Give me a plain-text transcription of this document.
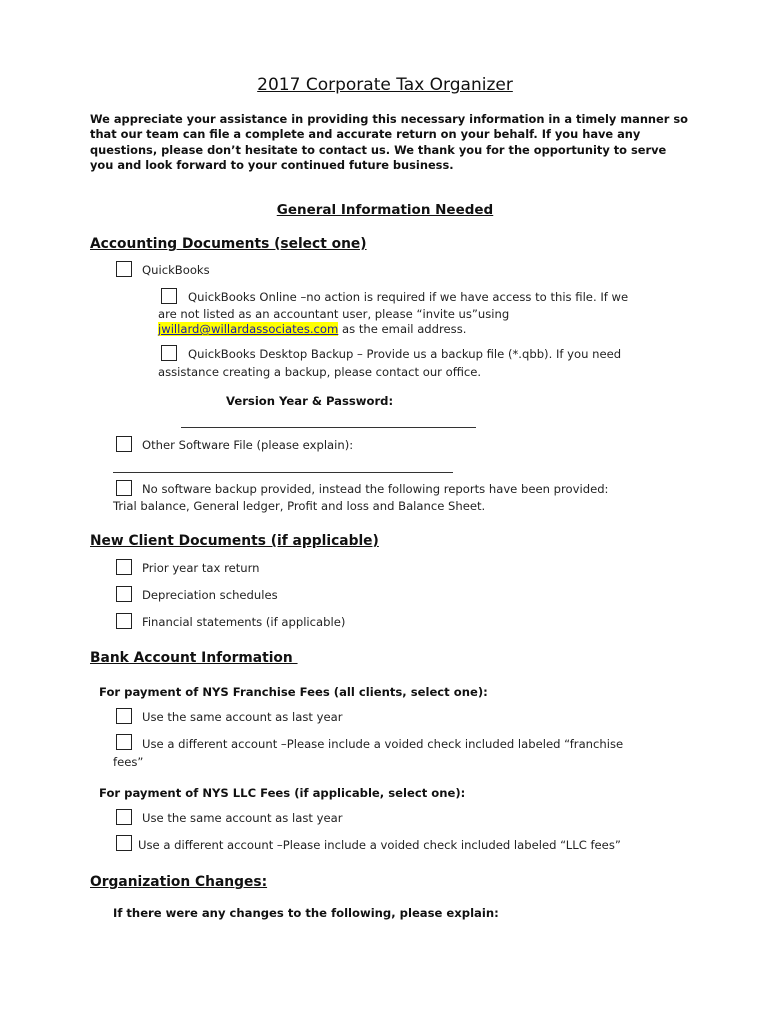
2017 Corporate Tax Organizer
We appreciate your assistance in providing this necessary information in a timely manner so that our team can file a complete and accurate return on your behalf. If you have any questions, please don’t hesitate to contact us. We thank you for the opportunity to serve you and look forward to your continued future business.
General Information Needed
Accounting Documents (select one)
QuickBooks
QuickBooks Online –no action is required if we have access to this file. If we
are not listed as an accountant user, please “invite us”using
jwillard@willardassociates.com as the email address.
QuickBooks Desktop Backup – Provide us a backup file (*.qbb). If you need
assistance creating a backup, please contact our office.
Version Year & Password:
Other Software File (please explain):
No software backup provided, instead the following reports have been provided:
Trial balance, General ledger, Profit and loss and Balance Sheet.
New Client Documents (if applicable)
Prior year tax return
Depreciation schedules
Financial statements (if applicable)
Bank Account Information
For payment of NYS Franchise Fees (all clients, select one):
Use the same account as last year
Use a different account –Please include a voided check included labeled “franchise
fees”
For payment of NYS LLC Fees (if applicable, select one):
Use the same account as last year
Use a different account –Please include a voided check included labeled “LLC fees”
Organization Changes:
If there were any changes to the following, please explain:
